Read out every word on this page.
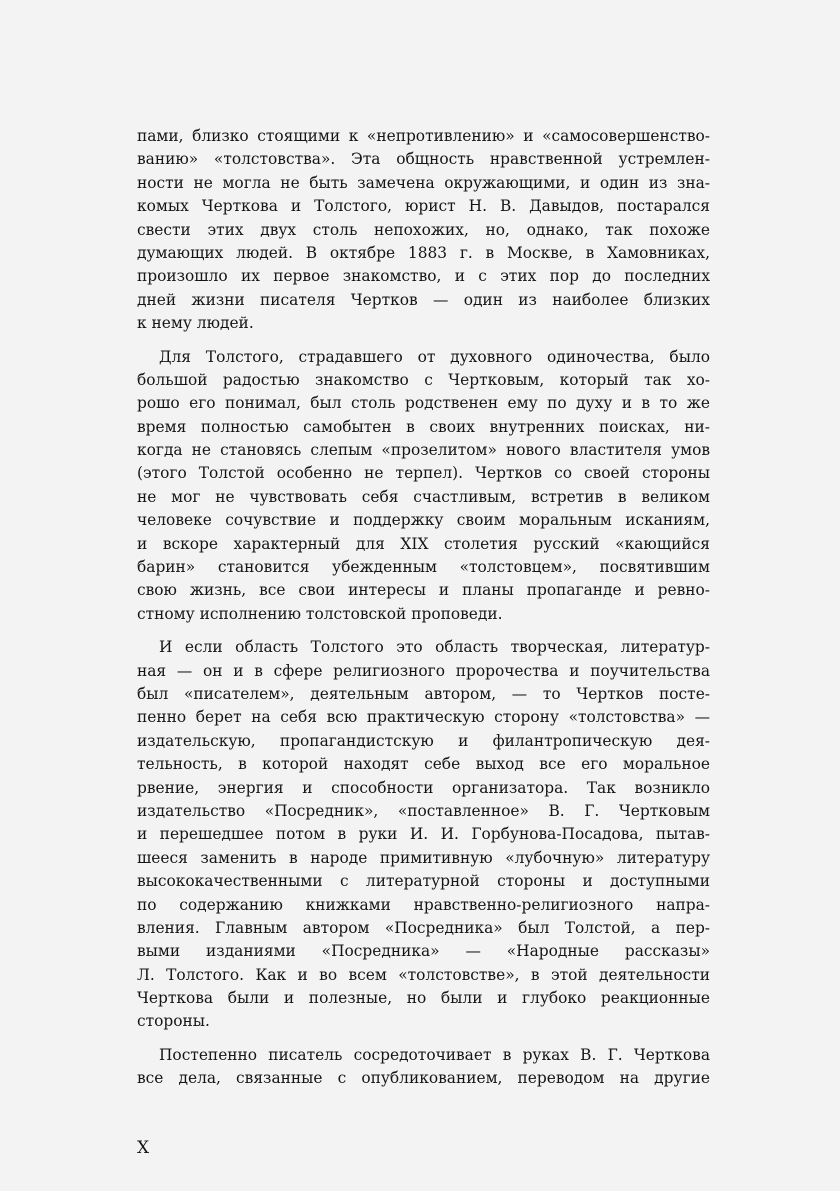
пами, близко стоящими к «непротивлению» и «самосовершенство-
ванию» «толстовства». Эта общность нравственной устремлен-
ности не могла не быть замечена окружающими, и один из зна-
комых Черткова и Толстого, юрист Н. В. Давыдов, постарался
свести этих двух столь непохожих, но, однако, так похоже
думающих людей. В октябре 1883 г. в Москве, в Хамовниках,
произошло их первое знакомство, и с этих пор до последних
дней жизни писателя Чертков — один из наиболее близких
к нему людей.
Для Толстого, страдавшего от духовного одиночества, было
большой радостью знакомство с Чертковым, который так хо-
рошо его понимал, был столь родственен ему по духу и в то же
время полностью самобытен в своих внутренних поисках, ни-
когда не становясь слепым «прозелитом» нового властителя умов
(этого Толстой особенно не терпел). Чертков со своей стороны
не мог не чувствовать себя счастливым, встретив в великом
человеке сочувствие и поддержку своим моральным исканиям,
и вскоре характерный для XIX столетия русский «кающийся
барин» становится убежденным «толстовцем», посвятившим
свою жизнь, все свои интересы и планы пропаганде и ревно-
стному исполнению толстовской проповеди.
И если область Толстого это область творческая, литератур-
ная — он и в сфере религиозного пророчества и поучительства
был «писателем», деятельным автором, — то Чертков посте-
пенно берет на себя всю практическую сторону «толстовства» —
издательскую, пропагандистскую и филантропическую дея-
тельность, в которой находят себе выход все его моральное
рвение, энергия и способности организатора. Так возникло
издательство «Посредник», «поставленное» В. Г. Чертковым
и перешедшее потом в руки И. И. Горбунова-Посадова, пытав-
шееся заменить в народе примитивную «лубочную» литературу
высококачественными с литературной стороны и доступными
по содержанию книжками нравственно-религиозного напра-
вления. Главным автором «Посредника» был Толстой, а пер-
выми изданиями «Посредника» — «Народные рассказы»
Л. Толстого. Как и во всем «толстовстве», в этой деятельности
Черткова были и полезные, но были и глубоко реакционные
стороны.
Постепенно писатель сосредоточивает в руках В. Г. Черткова
все дела, связанные с опубликованием, переводом на другие
X
